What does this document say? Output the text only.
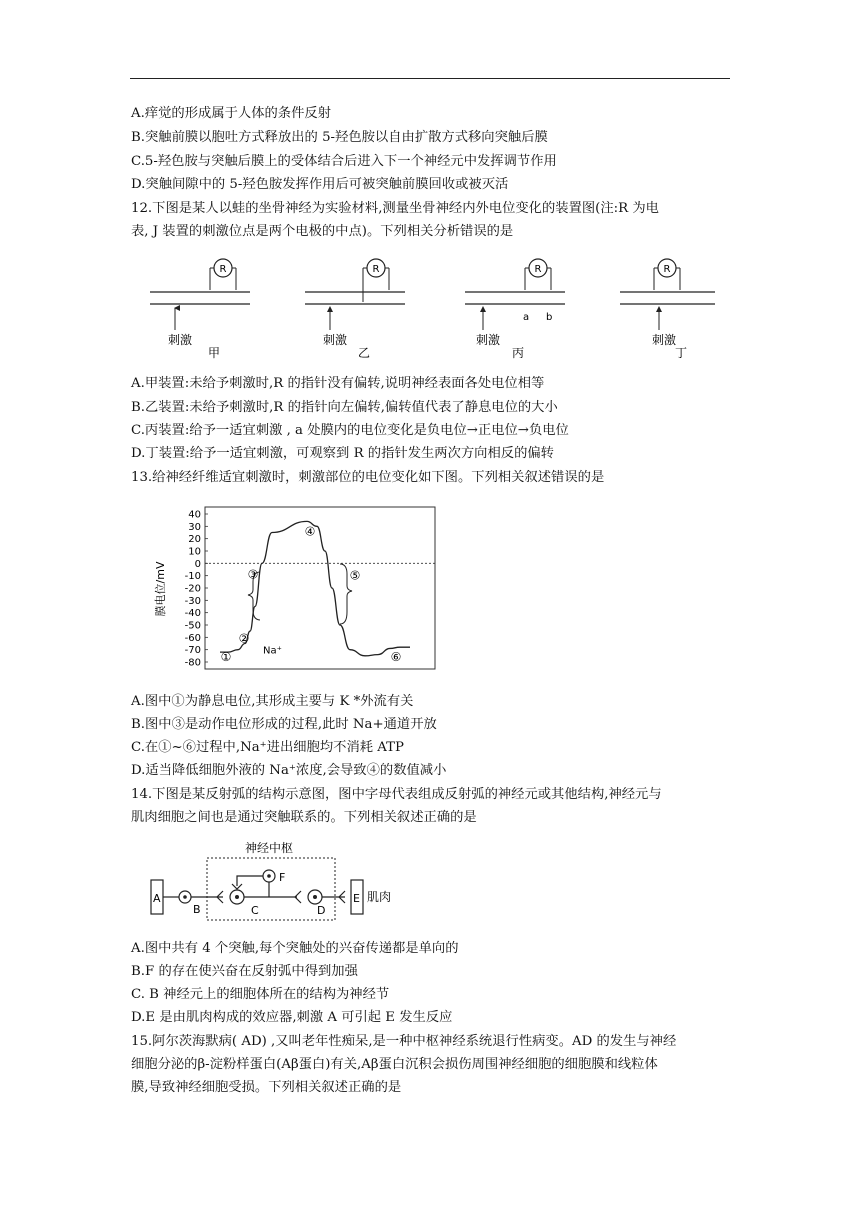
A.痒觉的形成属于人体的条件反射
B.突触前膜以胞吐方式释放出的 5-羟色胺以自由扩散方式移向突触后膜
C.5-羟色胺与突触后膜上的受体结合后进入下一个神经元中发挥调节作用
D.突触间隙中的 5-羟色胺发挥作用后可被突触前膜回收或被灭活
12.下图是某人以蛙的坐骨神经为实验材料,测量坐骨神经内外电位变化的装置图(注:R 为电
表, J 装置的刺激位点是两个电极的中点)。下列相关分析错误的是
R
刺激
甲
R
刺激
乙
R
a b
刺激
丙
R
刺激
丁
A.甲装置:未给予刺激时,R 的指针没有偏转,说明神经表面各处电位相等
B.乙装置:未给予刺激时,R 的指针向左偏转,偏转值代表了静息电位的大小
C.丙装置:给予一适宜刺激 , a 处膜内的电位变化是负电位→正电位→负电位
D.丁装置:给予一适宜刺激，可观察到 R 的指针发生两次方向相反的偏转
13.给神经纤维适宜刺激时，刺激部位的电位变化如下图。下列相关叙述错误的是
膜电位/mV
40
30
20
10
0
-10
-20
-30
-40
-50
-60
-70
-80 ①
②
③
④
⑤
⑥
Na⁺
A.图中①为静息电位,其形成主要与 K *外流有关
B.图中③是动作电位形成的过程,此时 Na+通道开放
C.在①~⑥过程中,Na⁺进出细胞均不消耗 ATP
D.适当降低细胞外液的 Na⁺浓度,会导致④的数值减小
14.下图是某反射弧的结构示意图，图中字母代表组成反射弧的神经元或其他结构,神经元与
肌肉细胞之间也是通过突触联系的。下列相关叙述正确的是
神经中枢
A
B	C
F
D
E 肌肉
A.图中共有 4 个突触,每个突触处的兴奋传递都是单向的
B.F 的存在使兴奋在反射弧中得到加强
C. B 神经元上的细胞体所在的结构为神经节
D.E 是由肌肉构成的效应器,刺激 A 可引起 E 发生反应
15.阿尔茨海默病( AD) ,又叫老年性痴呆,是一种中枢神经系统退行性病变。AD 的发生与神经
细胞分泌的β-淀粉样蛋白(Aβ蛋白)有关,Aβ蛋白沉积会损伤周围神经细胞的细胞膜和线粒体
膜,导致神经细胞受损。下列相关叙述正确的是
